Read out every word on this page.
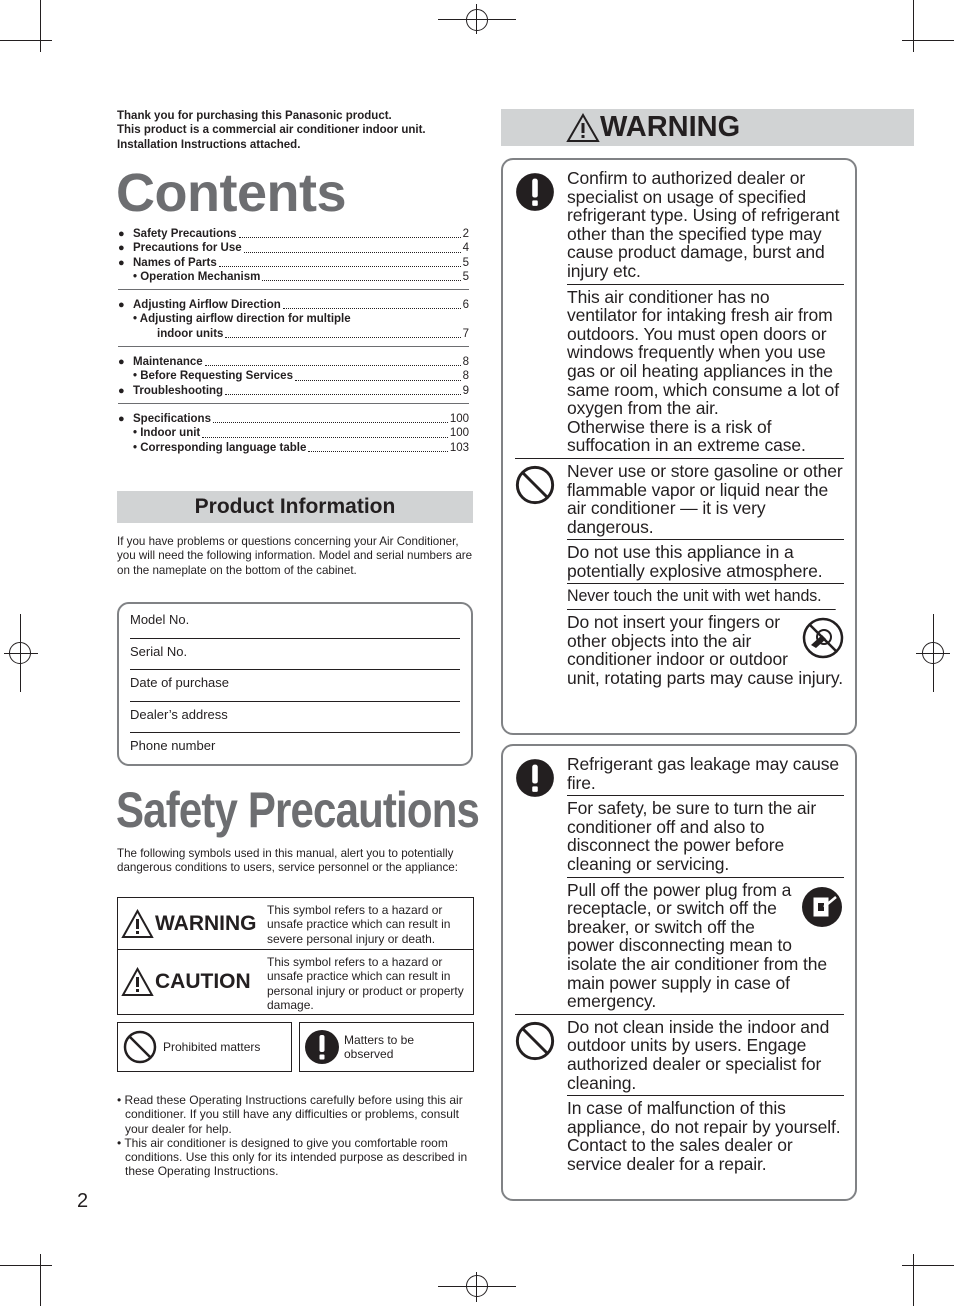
Thank you for purchasing this Panasonic product.
This product is a commercial air conditioner indoor unit.
Installation Instructions attached.
Contents
● Safety Precautions	2
● Precautions for Use	4
● Names of Parts	5
• Operation Mechanism	5
● Adjusting Airflow Direction	6
• Adjusting airflow direction for multiple
indoor units	7
● Maintenance	8
• Before Requesting Services	8
● Troubleshooting	9
● Specifications	100
• Indoor unit	100
• Corresponding language table	103
Product Information
If you have problems or questions concerning your Air Conditioner, you will need the following information. Model and serial numbers are on the nameplate on the bottom of the cabinet.
Model No.
Serial No.
Date of purchase
Dealer’s address
Phone number
Safety Precautions
The following symbols used in this manual, alert you to potentially dangerous conditions to users, service personnel or the appliance:
WARNING
This symbol refers to a hazard or unsafe practice which can result in severe personal injury or death.
CAUTION
This symbol refers to a hazard or unsafe practice which can result in personal injury or product or property damage.
Prohibited matters	Matters to be observed
• Read these Operating Instructions carefully before using this air conditioner. If you still have any difficulties or problems, consult your dealer for help.
• This air conditioner is designed to give you comfortable room conditions. Use this only for its intended purpose as described in these Operating Instructions.
2
WARNING
Confirm to authorized dealer or specialist on usage of specified refrigerant type. Using of refrigerant other than the specified type may cause product damage, burst and injury etc.
This air conditioner has no ventilator for intaking fresh air from outdoors. You must open doors or windows frequently when you use gas or oil heating appliances in the same room, which consume a lot of oxygen from the air.
Otherwise there is a risk of suffocation in an extreme case.
Never use or store gasoline or other flammable vapor or liquid near the air conditioner — it is very dangerous.
Do not use this appliance in a potentially explosive atmosphere.
Never touch the unit with wet hands.
Do not insert your fingers or other objects into the air conditioner indoor or outdoor unit, rotating parts may cause injury.
Refrigerant gas leakage may cause fire.
For safety, be sure to turn the air conditioner off and also to disconnect the power before cleaning or servicing.
Pull off the power plug from a receptacle, or switch off the breaker, or switch off the power disconnecting mean to isolate the air conditioner from the main power supply in case of emergency.
Do not clean inside the indoor and outdoor units by users. Engage authorized dealer or specialist for cleaning.
In case of malfunction of this appliance, do not repair by yourself. Contact to the sales dealer or service dealer for a repair.
